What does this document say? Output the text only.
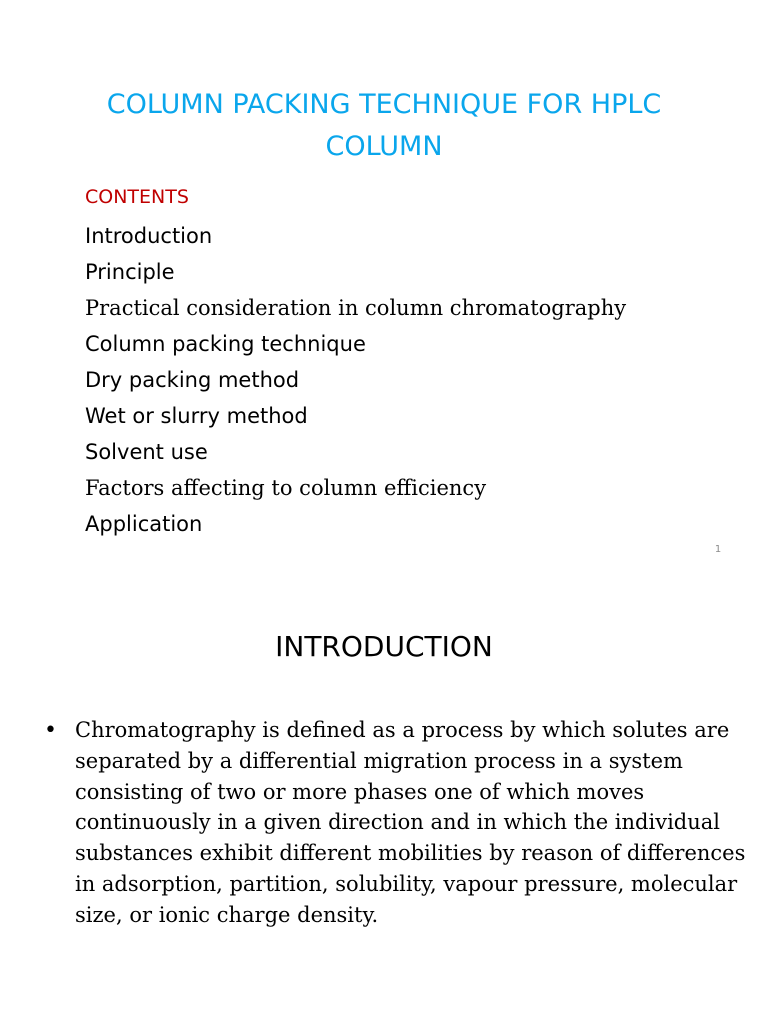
COLUMN PACKING TECHNIQUE FOR HPLC
COLUMN
CONTENTS
Introduction
Principle
Practical consideration in column chromatography
Column packing technique
Dry packing method
Wet or slurry method
Solvent use
Factors affecting to column efficiency
Application
1
INTRODUCTION
• Chromatography is defined as a process by which solutes are
separated by a differential migration process in a system
consisting of two or more phases one of which moves
continuously in a given direction and in which the individual
substances exhibit different mobilities by reason of differences
in adsorption, partition, solubility, vapour pressure, molecular
size, or ionic charge density.
